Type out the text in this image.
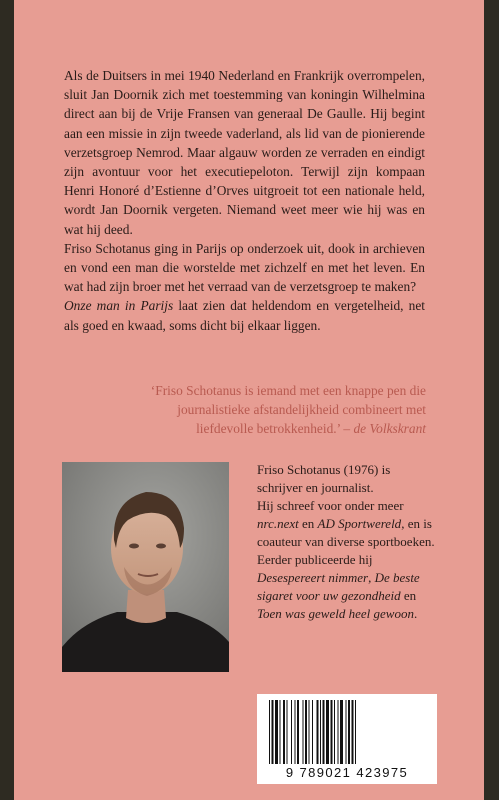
Als de Duitsers in mei 1940 Nederland en Frankrijk overrompelen, sluit Jan Doornik zich met toestemming van koningin Wilhelmina direct aan bij de Vrije Fransen van generaal De Gaulle. Hij begint aan een missie in zijn tweede vaderland, als lid van de pionierende verzetsgroep Nemrod. Maar algauw worden ze verraden en eindigt zijn avontuur voor het executiepeloton. Terwijl zijn kompaan Henri Honoré d’Estienne d’Orves uitgroeit tot een nationale held, wordt Jan Doornik vergeten. Niemand weet meer wie hij was en wat hij deed.

Friso Schotanus ging in Parijs op onderzoek uit, dook in archieven en vond een man die worstelde met zichzelf en met het leven. En wat had zijn broer met het verraad van de verzetsgroep te maken?

Onze man in Parijs laat zien dat heldendom en vergetelheid, net als goed en kwaad, soms dicht bij elkaar liggen.

‘Friso Schotanus is iemand met een knappe pen die journalistieke afstandelijkheid combineert met liefdevolle betrokkenheid.’ – de Volkskrant

Friso Schotanus (1976) is schrijver en journalist.
Hij schreef voor onder meer nrc.next en AD Sportwereld, en is coauteur van diverse sportboeken. Eerder publiceerde hij Desespereert nimmer, De beste sigaret voor uw gezondheid en Toen was geweld heel gewoon.

9 789021 423975
